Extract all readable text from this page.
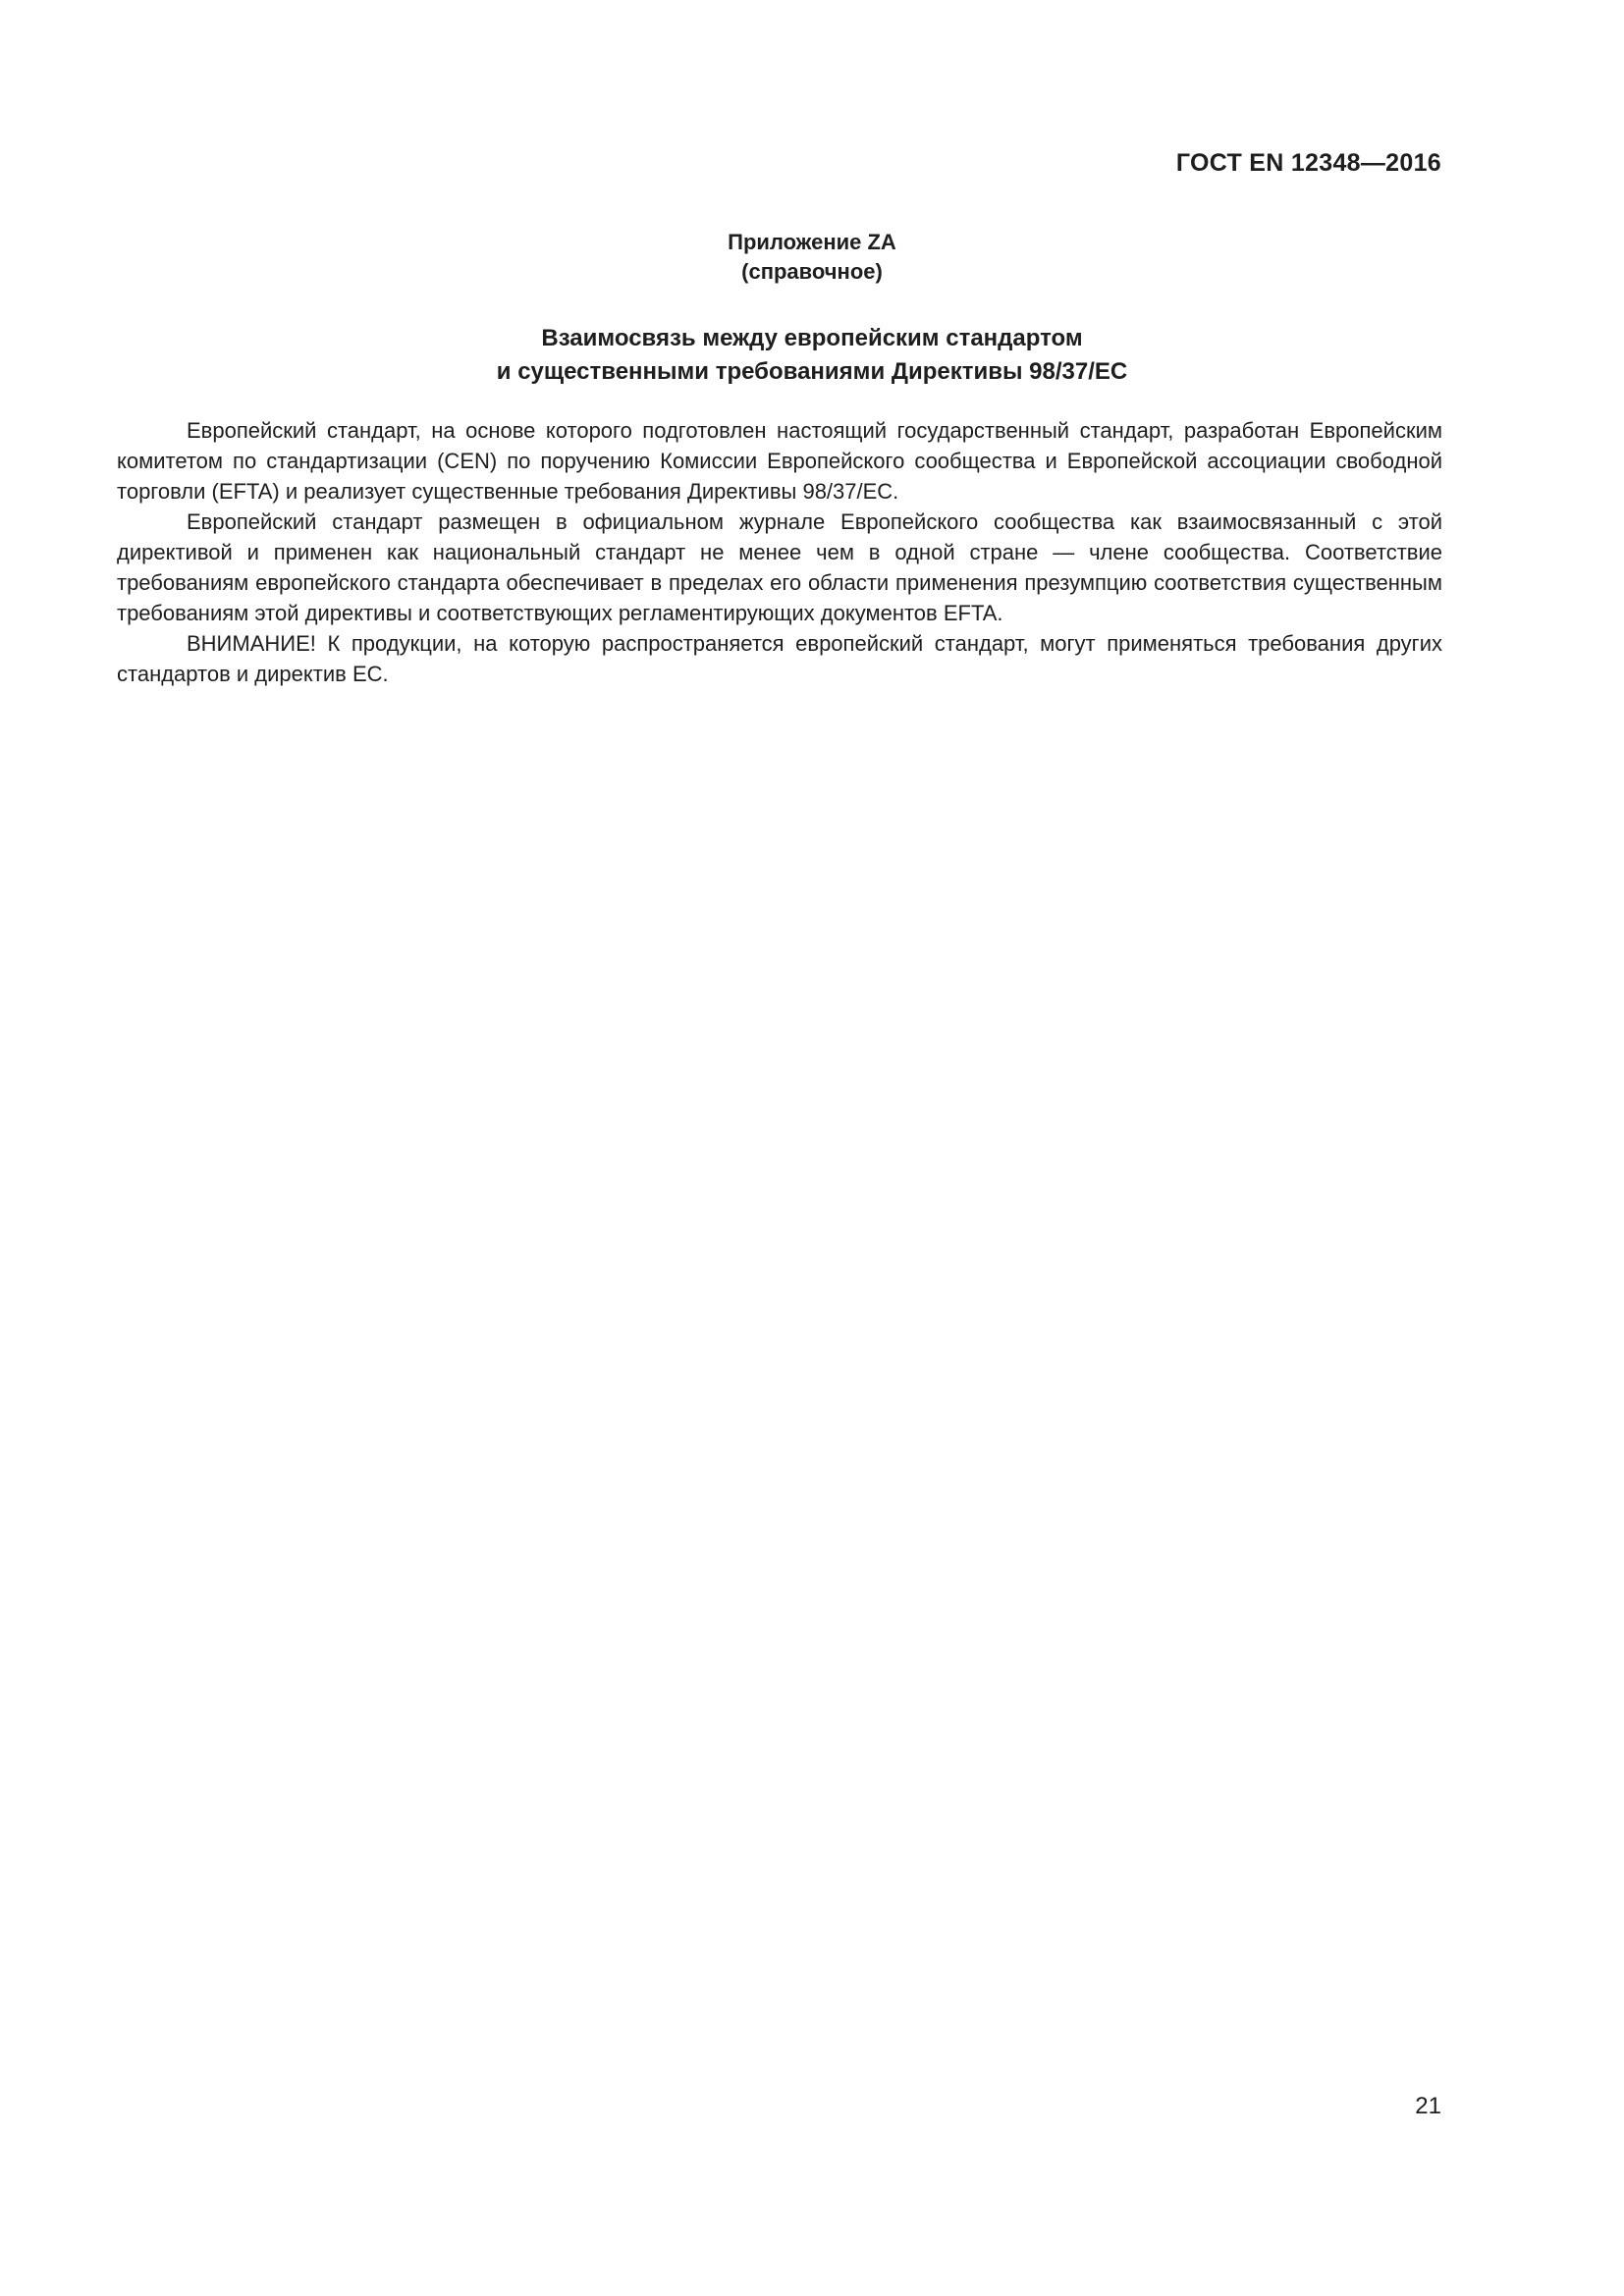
ГОСТ EN 12348—2016
Приложение ZA
(справочное)
Взаимосвязь между европейским стандартом
и существенными требованиями Директивы 98/37/ЕС

Европейский стандарт, на основе которого подготовлен настоящий государственный стандарт, разработан Европейским комитетом по стандартизации (CEN) по поручению Комиссии Европейского сообщества и Европейской ассоциации свободной торговли (EFTA) и реализует существенные требования Директивы 98/37/ЕС.

Европейский стандарт размещен в официальном журнале Европейского сообщества как взаимосвязанный с этой директивой и применен как национальный стандарт не менее чем в одной стране — члене сообщества. Соответствие требованиям европейского стандарта обеспечивает в пределах его области применения презумпцию соответствия существенным требованиям этой директивы и соответствующих регламентирующих документов EFTA.

ВНИМАНИЕ! К продукции, на которую распространяется европейский стандарт, могут применяться требования других стандартов и директив ЕС.

21
